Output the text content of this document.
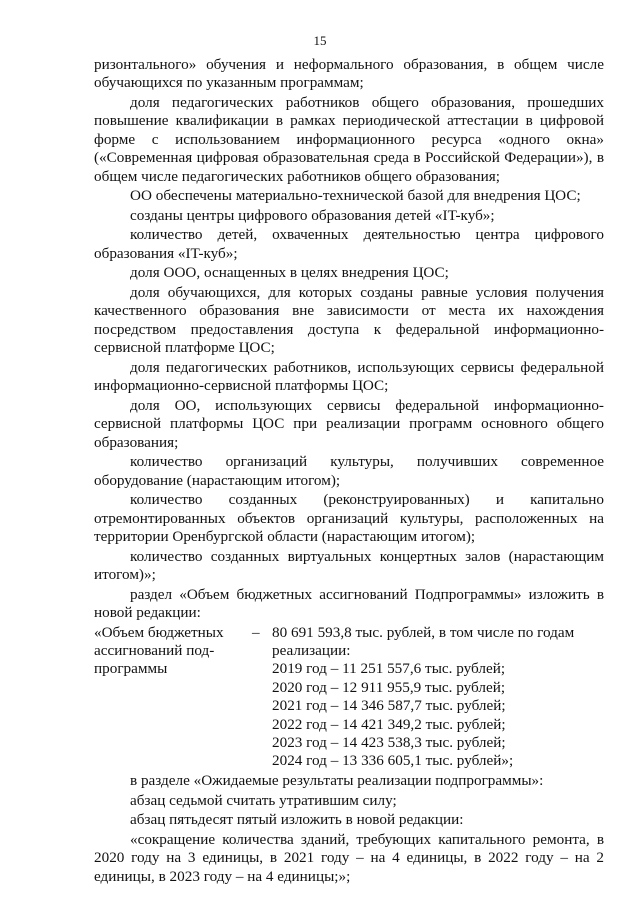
15

ризонтального» обучения и неформального образования, в общем числе обучающихся по указанным программам;

доля педагогических работников общего образования, прошедших повышение квалификации в рамках периодической аттестации в цифровой форме с использованием информационного ресурса «одного окна» («Современная цифровая образовательная среда в Российской Федерации»), в общем числе педагогических работников общего образования;

ОО обеспечены материально-технической базой для внедрения ЦОС;

созданы центры цифрового образования детей «IT-куб»;

количество детей, охваченных деятельностью центра цифрового образования «IT-куб»;

доля ООО, оснащенных в целях внедрения ЦОС;

доля обучающихся, для которых созданы равные условия получения качественного образования вне зависимости от места их нахождения посредством предоставления доступа к федеральной информационно-сервисной платформе ЦОС;

доля педагогических работников, использующих сервисы федеральной информационно-сервисной платформы ЦОС;

доля ОО, использующих сервисы федеральной информационно-сервисной платформы ЦОС при реализации программ основного общего образования;

количество организаций культуры, получивших современное оборудование (нарастающим итогом);

количество созданных (реконструированных) и капитально отремонтированных объектов организаций культуры, расположенных на территории Оренбургской области (нарастающим итогом);

количество созданных виртуальных концертных залов (нарастающим итогом)»;

раздел «Объем бюджетных ассигнований Подпрограммы» изложить в новой редакции:

«Объем бюджетных
ассигнований под-
программы
– 80 691 593,8 тыс. рублей, в том числе по годам
реализации:
2019 год – 11 251 557,6 тыс. рублей;
2020 год – 12 911 955,9 тыс. рублей;
2021 год – 14 346 587,7 тыс. рублей;
2022 год – 14 421 349,2 тыс. рублей;
2023 год – 14 423 538,3 тыс. рублей;
2024 год – 13 336 605,1 тыс. рублей»;

в разделе «Ожидаемые результаты реализации подпрограммы»:

абзац седьмой считать утратившим силу;

абзац пятьдесят пятый изложить в новой редакции:

«сокращение количества зданий, требующих капитального ремонта, в 2020 году на 3 единицы, в 2021 году – на 4 единицы, в 2022 году – на 2 единицы, в 2023 году – на 4 единицы;»;
